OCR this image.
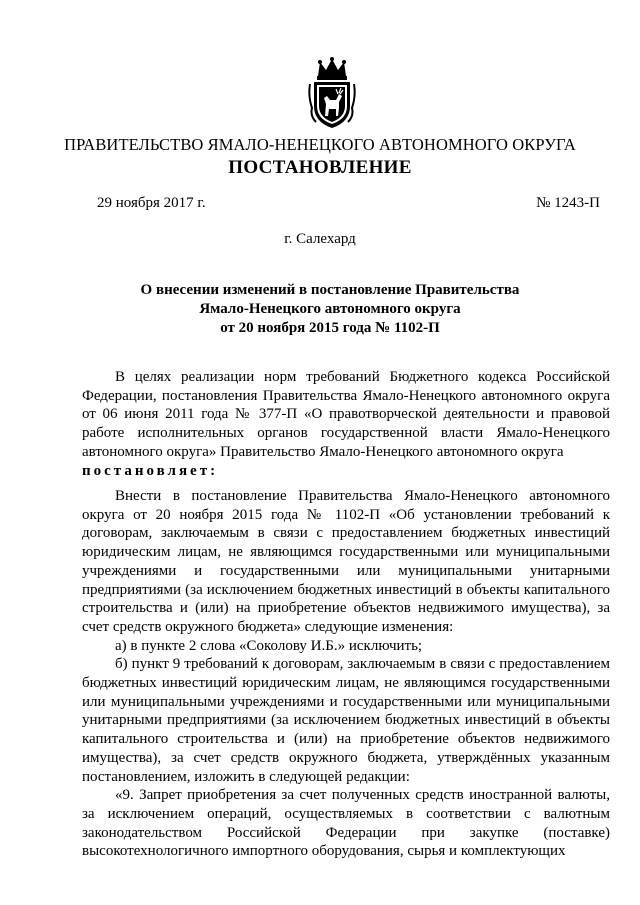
ПРАВИТЕЛЬСТВО ЯМАЛО-НЕНЕЦКОГО АВТОНОМНОГО ОКРУГА
ПОСТАНОВЛЕНИЕ
29 ноября 2017 г.	№ 1243-П
г. Салехард
О внесении изменений в постановление Правительства
Ямало-Ненецкого автономного округа
от 20 ноября 2015 года № 1102-П

В целях реализации норм требований Бюджетного кодекса Российской Федерации, постановления Правительства Ямало-Ненецкого автономного округа от 06 июня 2011 года № 377-П «О правотворческой деятельности и правовой работе исполнительных органов государственной власти Ямало-Ненецкого автономного округа» Правительство Ямало-Ненецкого автономного округа
постановляет:

Внести в постановление Правительства Ямало-Ненецкого автономного округа от 20 ноября 2015 года № 1102-П «Об установлении требований к договорам, заключаемым в связи с предоставлением бюджетных инвестиций юридическим лицам, не являющимся государственными или муниципальными учреждениями и государственными или муниципальными унитарными предприятиями (за исключением бюджетных инвестиций в объекты капитального строительства и (или) на приобретение объектов недвижимого имущества), за счет средств окружного бюджета» следующие изменения:

а) в пункте 2 слова «Соколову И.Б.» исключить;

б) пункт 9 требований к договорам, заключаемым в связи с предоставлением бюджетных инвестиций юридическим лицам, не являющимся государственными или муниципальными учреждениями и государственными или муниципальными унитарными предприятиями (за исключением бюджетных инвестиций в объекты капитального строительства и (или) на приобретение объектов недвижимого имущества), за счет средств окружного бюджета, утверждённых указанным постановлением, изложить в следующей редакции:

«9. Запрет приобретения за счет полученных средств иностранной валюты, за исключением операций, осуществляемых в соответствии с валютным законодательством Российской Федерации при закупке (поставке) высокотехнологичного импортного оборудования, сырья и комплектующих
